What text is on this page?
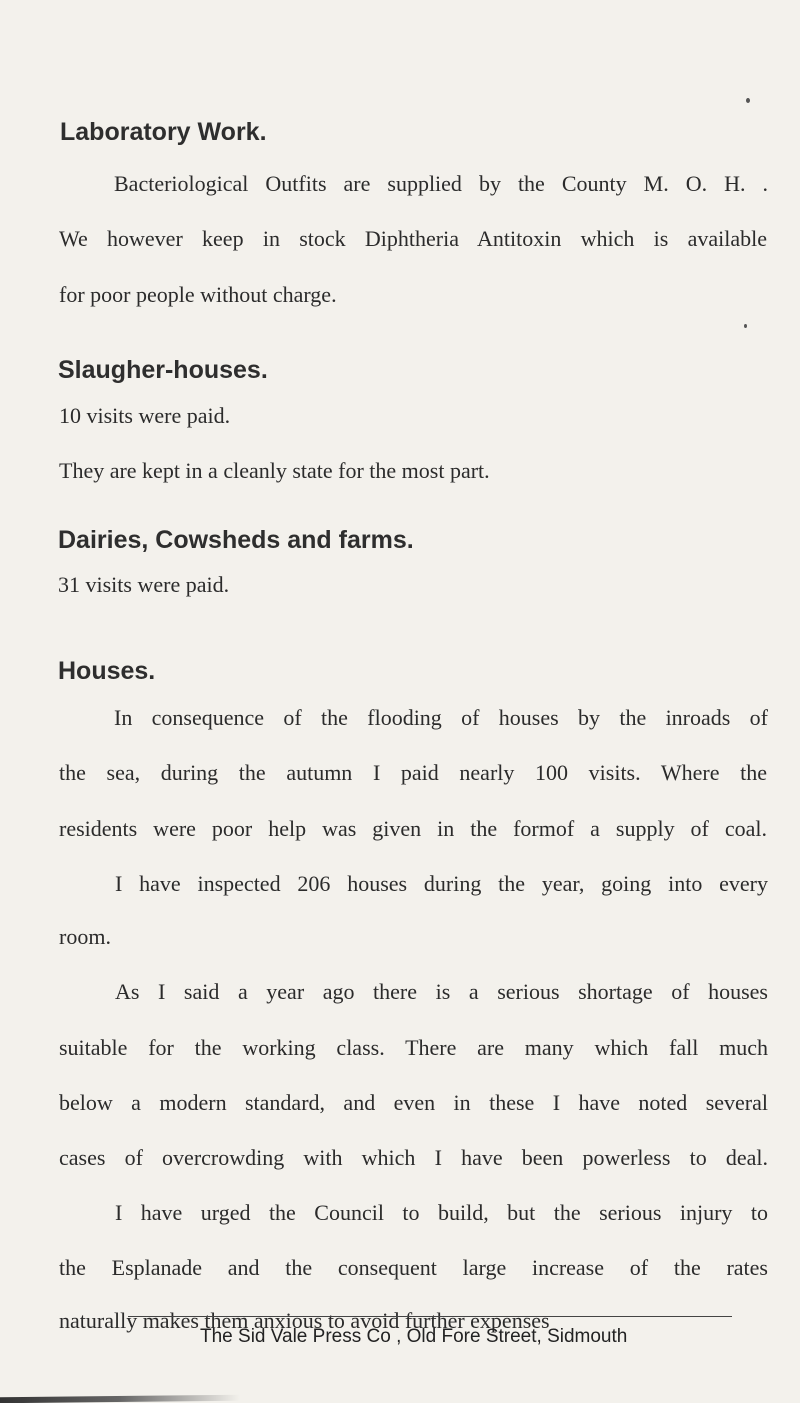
Laboratory Work.

Bacteriological Outfits are supplied by the County M. O. H. .

We however keep in stock Diphtheria Antitoxin which is available

for poor people without charge.

Slaugher-houses.

10 visits were paid.

They are kept in a cleanly state for the most part.

Dairies, Cowsheds and farms.

31 visits were paid.

Houses.

In consequence of the flooding of houses by the inroads of

the sea, during the autumn I paid nearly 100 visits. Where the

residents were poor help was given in the formof a supply of coal.

I have inspected 206 houses during the year, going into every

room.

As I said a year ago there is a serious shortage of houses

suitable for the working class. There are many which fall much

below a modern standard, and even in these I have noted several

cases of overcrowding with which I have been powerless to deal.

I have urged the Council to build, but the serious injury to

the Esplanade and the consequent large increase of the rates

naturally makes them anxious to avoid further expenses

The Sid Vale Press Co , Old Fore Street, Sidmouth
